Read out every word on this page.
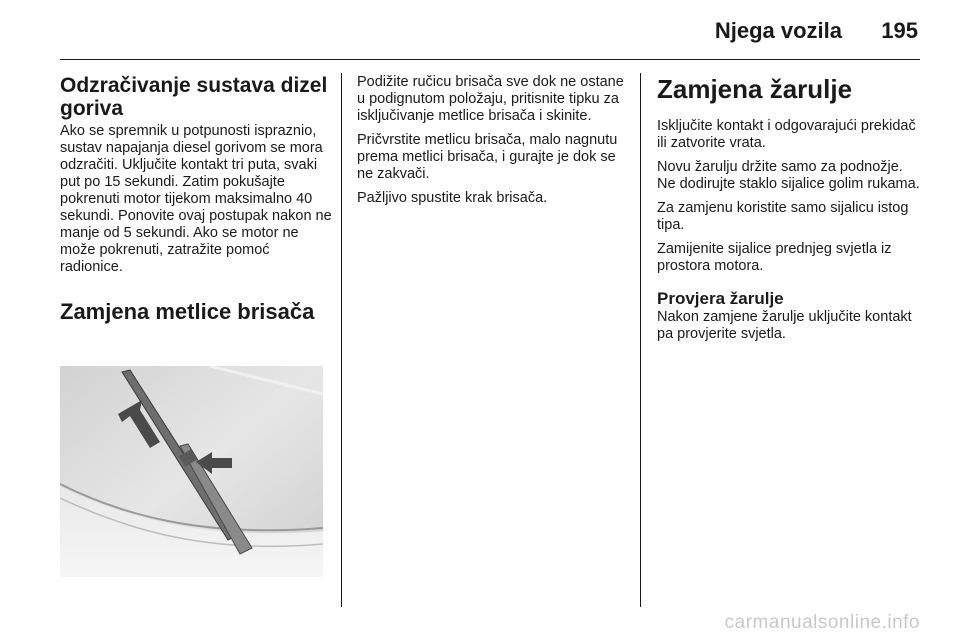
Njega vozila 195
Odzračivanje sustava dizel goriva

Ako se spremnik u potpunosti ispraznio, sustav napajanja diesel gorivom se mora odzračiti. Uključite kontakt tri puta, svaki put po 15 sekundi. Zatim pokušajte pokrenuti motor tijekom maksimalno 40 sekundi. Ponovite ovaj postupak nakon ne manje od 5 sekundi. Ako se motor ne može pokrenuti, zatražite pomoć radionice.

Zamjena metlice brisača

Podižite ručicu brisača sve dok ne ostane u podignutom položaju, pritisnite tipku za isključivanje metlice brisača i skinite.

Pričvrstite metlicu brisača, malo nagnutu prema metlici brisača, i gurajte je dok se ne zakvači.

Pažljivo spustite krak brisača.

Zamjena žarulje

Isključite kontakt i odgovarajući prekidač ili zatvorite vrata.

Novu žarulju držite samo za podnožje. Ne dodirujte staklo sijalice golim rukama.

Za zamjenu koristite samo sijalicu istog tipa.

Zamijenite sijalice prednjeg svjetla iz prostora motora.

Provjera žarulje

Nakon zamjene žarulje uključite kontakt pa provjerite svjetla.

carmanualsonline.info
